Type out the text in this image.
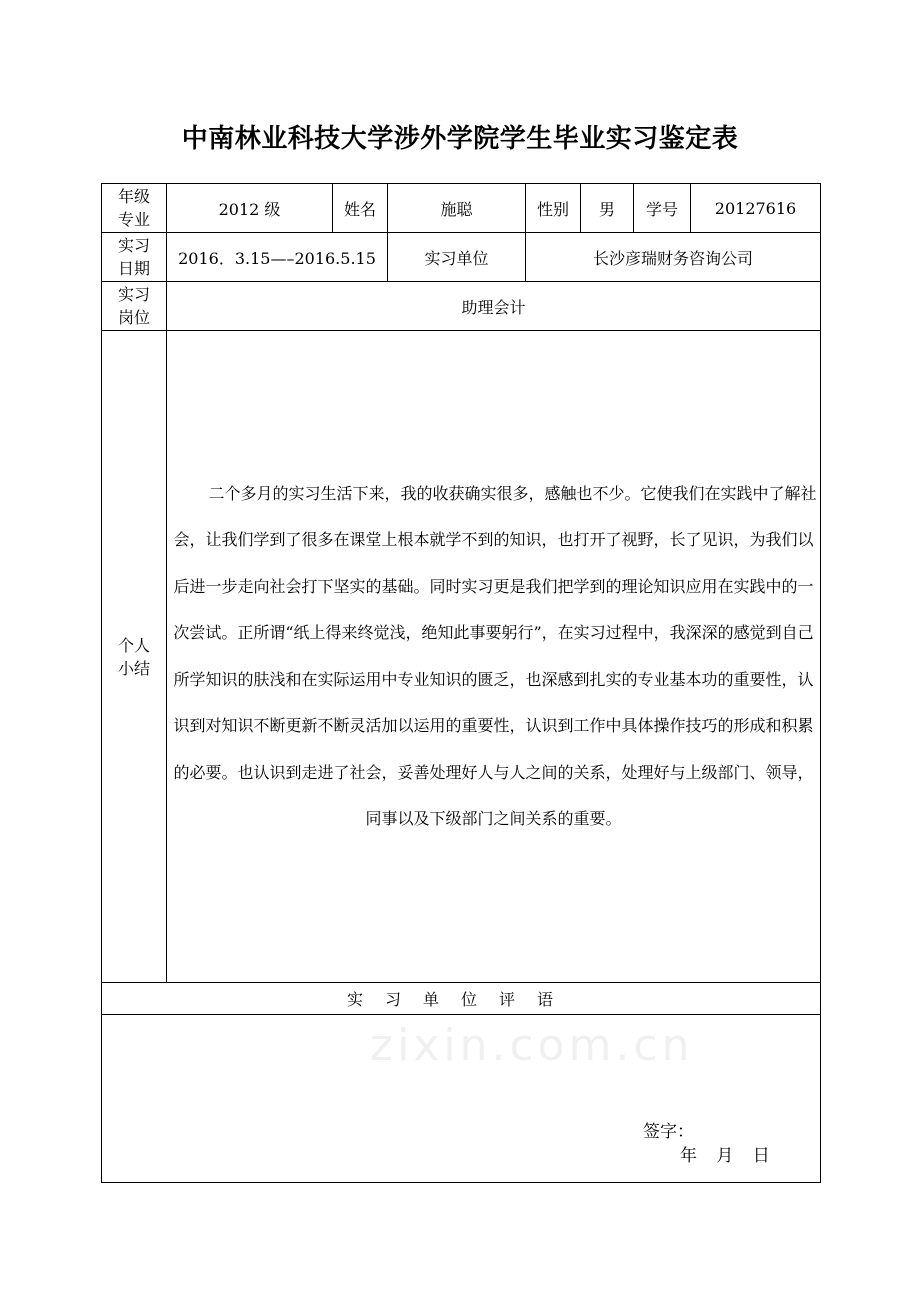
中南林业科技大学涉外学院学生毕业实习鉴定表
年级
专业	2012 级	姓名	施聪	性别	男	学号	20127616
实习
日期	2016．3.15—–2016.5.15		实习单位	长沙彦瑞财务咨询公司			
实习
岗位	助理会计						
个人
小结	二个多月的实习生活下来，我的收获确实很多，感触也不少。它使我们在实践中了解社会，让我们学到了很多在课堂上根本就学不到的知识，也打开了视野，长了见识，为我们以后进一步走向社会打下坚实的基础。同时实习更是我们把学到的理论知识应用在实践中的一次尝试。正所谓“纸上得来终觉浅，绝知此事要躬行”，在实习过程中，我深深的感觉到自己所学知识的肤浅和在实际运用中专业知识的匮乏，也深感到扎实的专业基本功的重要性，认识到对知识不断更新不断灵活加以运用的重要性，认识到工作中具体操作技巧的形成和积累的必要。也认识到走进了社会，妥善处理好人与人之间的关系，处理好与上级部门、领导，同事以及下级部门之间关系的重要。						
实习单位评语							

签字：
年 月 日							
zixin.com.cn
